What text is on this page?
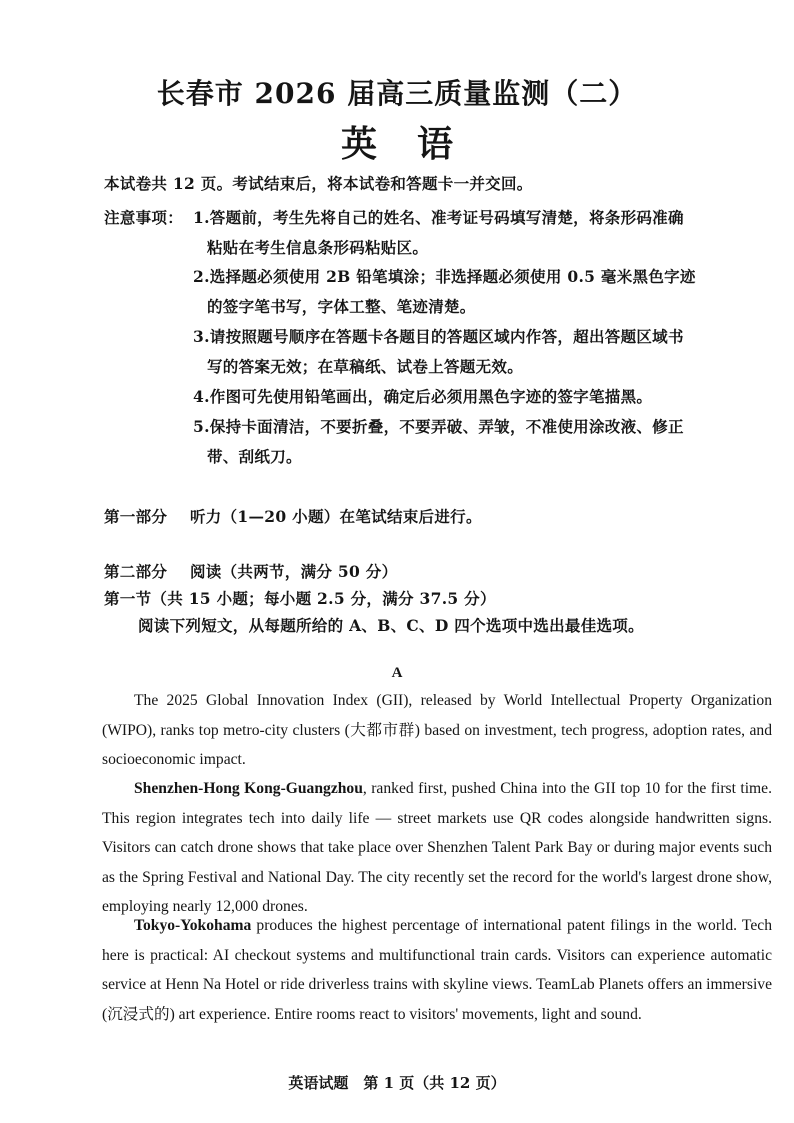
长春市 2026 届高三质量监测（二）
英语
本试卷共 12 页。考试结束后，将本试卷和答题卡一并交回。
注意事项： 1.答题前，考生先将自己的姓名、准考证号码填写清楚，将条形码准确
粘贴在考生信息条形码粘贴区。
2.选择题必须使用 2B 铅笔填涂；非选择题必须使用 0.5 毫米黑色字迹
的签字笔书写，字体工整、笔迹清楚。
3.请按照题号顺序在答题卡各题目的答题区域内作答，超出答题区域书
写的答案无效；在草稿纸、试卷上答题无效。
4.作图可先使用铅笔画出，确定后必须用黑色字迹的签字笔描黑。
5.保持卡面清洁，不要折叠，不要弄破、弄皱，不准使用涂改液、修正
带、刮纸刀。
第一部分 听力（1—20 小题）在笔试结束后进行。
第二部分 阅读（共两节，满分 50 分）
第一节（共 15 小题；每小题 2.5 分，满分 37.5 分）
阅读下列短文，从每题所给的 A、B、C、D 四个选项中选出最佳选项。
A
The 2025 Global Innovation Index (GII), released by World Intellectual Property Organization (WIPO), ranks top metro-city clusters (大都市群) based on investment, tech progress, adoption rates, and socioeconomic impact.
Shenzhen-Hong Kong-Guangzhou, ranked first, pushed China into the GII top 10 for the first time. This region integrates tech into daily life — street markets use QR codes alongside handwritten signs. Visitors can catch drone shows that take place over Shenzhen Talent Park Bay or during major events such as the Spring Festival and National Day. The city recently set the record for the world's largest drone show, employing nearly 12,000 drones.
Tokyo-Yokohama produces the highest percentage of international patent filings in the world. Tech here is practical: AI checkout systems and multifunctional train cards. Visitors can experience automatic service at Henn Na Hotel or ride driverless trains with skyline views. TeamLab Planets offers an immersive (沉浸式的) art experience. Entire rooms react to visitors' movements, light and sound.
英语试题　第 1 页（共 12 页）
